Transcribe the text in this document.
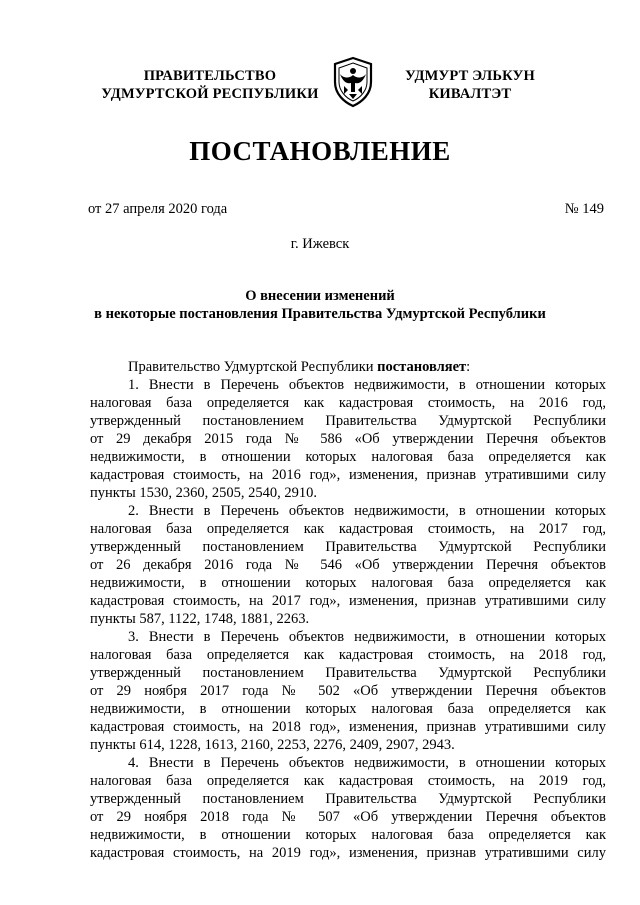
ПРАВИТЕЛЬСТВО
УДМУРТСКОЙ РЕСПУБЛИКИ
УДМУРТ ЭЛЬКУН
КИВАЛТЭТ
ПОСТАНОВЛЕНИЕ
от 27 апреля 2020 года	№ 149
г. Ижевск
О внесении изменений
в некоторые постановления Правительства Удмуртской Республики
Правительство Удмуртской Республики постановляет:
1. Внести в Перечень объектов недвижимости, в отношении которых
налоговая база определяется как кадастровая стоимость, на 2016 год,
утвержденный постановлением Правительства Удмуртской Республики
от 29 декабря 2015 года № 586 «Об утверждении Перечня объектов
недвижимости, в отношении которых налоговая база определяется как
кадастровая стоимость, на 2016 год», изменения, признав утратившими силу
пункты 1530, 2360, 2505, 2540, 2910.
2. Внести в Перечень объектов недвижимости, в отношении которых
налоговая база определяется как кадастровая стоимость, на 2017 год,
утвержденный постановлением Правительства Удмуртской Республики
от 26 декабря 2016 года № 546 «Об утверждении Перечня объектов
недвижимости, в отношении которых налоговая база определяется как
кадастровая стоимость, на 2017 год», изменения, признав утратившими силу
пункты 587, 1122, 1748, 1881, 2263.
3. Внести в Перечень объектов недвижимости, в отношении которых
налоговая база определяется как кадастровая стоимость, на 2018 год,
утвержденный постановлением Правительства Удмуртской Республики
от 29 ноября 2017 года № 502 «Об утверждении Перечня объектов
недвижимости, в отношении которых налоговая база определяется как
кадастровая стоимость, на 2018 год», изменения, признав утратившими силу
пункты 614, 1228, 1613, 2160, 2253, 2276, 2409, 2907, 2943.
4. Внести в Перечень объектов недвижимости, в отношении которых
налоговая база определяется как кадастровая стоимость, на 2019 год,
утвержденный постановлением Правительства Удмуртской Республики
от 29 ноября 2018 года № 507 «Об утверждении Перечня объектов
недвижимости, в отношении которых налоговая база определяется как
кадастровая стоимость, на 2019 год», изменения, признав утратившими силу
